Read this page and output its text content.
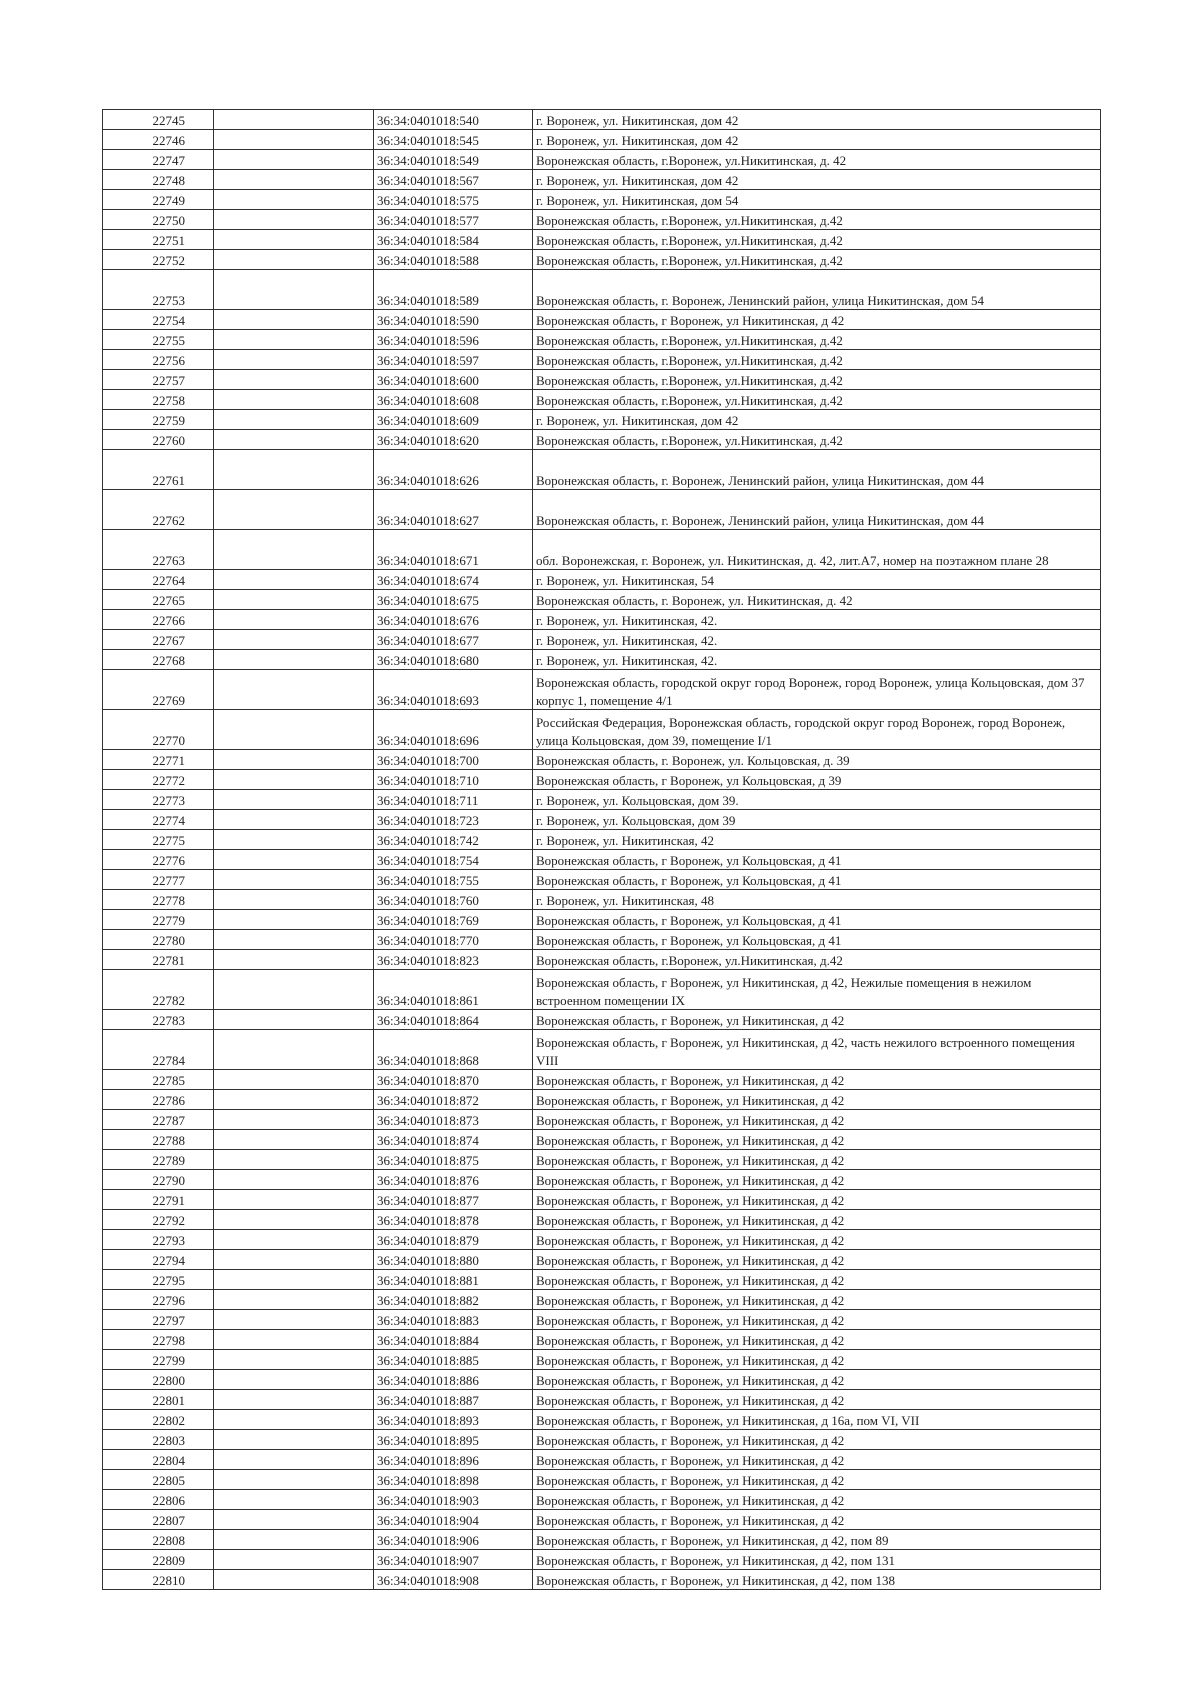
22745		36:34:0401018:540	г. Воронеж, ул. Никитинская, дом 42
22746		36:34:0401018:545	г. Воронеж, ул. Никитинская, дом 42
22747		36:34:0401018:549	Воронежская область, г.Воронеж, ул.Никитинская, д. 42
22748		36:34:0401018:567	г. Воронеж, ул. Никитинская, дом 42
22749		36:34:0401018:575	г. Воронеж, ул. Никитинская, дом 54
22750		36:34:0401018:577	Воронежская область, г.Воронеж, ул.Никитинская, д.42
22751		36:34:0401018:584	Воронежская область, г.Воронеж, ул.Никитинская, д.42
22752		36:34:0401018:588	Воронежская область, г.Воронеж, ул.Никитинская, д.42
22753		36:34:0401018:589	Воронежская область, г. Воронеж, Ленинский район, улица Никитинская, дом 54
22754		36:34:0401018:590	Воронежская область, г Воронеж, ул Никитинская, д 42
22755		36:34:0401018:596	Воронежская область, г.Воронеж, ул.Никитинская, д.42
22756		36:34:0401018:597	Воронежская область, г.Воронеж, ул.Никитинская, д.42
22757		36:34:0401018:600	Воронежская область, г.Воронеж, ул.Никитинская, д.42
22758		36:34:0401018:608	Воронежская область, г.Воронеж, ул.Никитинская, д.42
22759		36:34:0401018:609	г. Воронеж, ул. Никитинская, дом 42
22760		36:34:0401018:620	Воронежская область, г.Воронеж, ул.Никитинская, д.42
22761		36:34:0401018:626	Воронежская область, г. Воронеж, Ленинский район, улица Никитинская, дом 44
22762		36:34:0401018:627	Воронежская область, г. Воронеж, Ленинский район, улица Никитинская, дом 44
22763		36:34:0401018:671	обл. Воронежская, г. Воронеж, ул. Никитинская, д. 42, лит.А7, номер на поэтажном плане 28
22764		36:34:0401018:674	г. Воронеж, ул. Никитинская, 54
22765		36:34:0401018:675	Воронежская область, г. Воронеж, ул. Никитинская, д. 42
22766		36:34:0401018:676	г. Воронеж, ул. Никитинская, 42.
22767		36:34:0401018:677	г. Воронеж, ул. Никитинская, 42.
22768		36:34:0401018:680	г. Воронеж, ул. Никитинская, 42.
22769		36:34:0401018:693	Воронежская область, городской округ город Воронеж, город Воронеж, улица Кольцовская, дом 37 корпус 1, помещение 4/1
22770		36:34:0401018:696	Российская Федерация, Воронежская область, городской округ город Воронеж, город Воронеж, улица Кольцовская, дом 39, помещение I/1
22771		36:34:0401018:700	Воронежская область, г. Воронеж, ул. Кольцовская, д. 39
22772		36:34:0401018:710	Воронежская область, г Воронеж, ул Кольцовская, д 39
22773		36:34:0401018:711	г. Воронеж, ул. Кольцовская, дом 39.
22774		36:34:0401018:723	г. Воронеж, ул. Кольцовская, дом 39
22775		36:34:0401018:742	г. Воронеж, ул. Никитинская, 42
22776		36:34:0401018:754	Воронежская область, г Воронеж, ул Кольцовская, д 41
22777		36:34:0401018:755	Воронежская область, г Воронеж, ул Кольцовская, д 41
22778		36:34:0401018:760	г. Воронеж, ул. Никитинская, 48
22779		36:34:0401018:769	Воронежская область, г Воронеж, ул Кольцовская, д 41
22780		36:34:0401018:770	Воронежская область, г Воронеж, ул Кольцовская, д 41
22781		36:34:0401018:823	Воронежская область, г.Воронеж, ул.Никитинская, д.42
22782		36:34:0401018:861	Воронежская область, г Воронеж, ул Никитинская, д 42, Нежилые помещения в нежилом встроенном помещении IX
22783		36:34:0401018:864	Воронежская область, г Воронеж, ул Никитинская, д 42
22784		36:34:0401018:868	Воронежская область, г Воронеж, ул Никитинская, д 42, часть нежилого встроенного помещения VIII
22785		36:34:0401018:870	Воронежская область, г Воронеж, ул Никитинская, д 42
22786		36:34:0401018:872	Воронежская область, г Воронеж, ул Никитинская, д 42
22787		36:34:0401018:873	Воронежская область, г Воронеж, ул Никитинская, д 42
22788		36:34:0401018:874	Воронежская область, г Воронеж, ул Никитинская, д 42
22789		36:34:0401018:875	Воронежская область, г Воронеж, ул Никитинская, д 42
22790		36:34:0401018:876	Воронежская область, г Воронеж, ул Никитинская, д 42
22791		36:34:0401018:877	Воронежская область, г Воронеж, ул Никитинская, д 42
22792		36:34:0401018:878	Воронежская область, г Воронеж, ул Никитинская, д 42
22793		36:34:0401018:879	Воронежская область, г Воронеж, ул Никитинская, д 42
22794		36:34:0401018:880	Воронежская область, г Воронеж, ул Никитинская, д 42
22795		36:34:0401018:881	Воронежская область, г Воронеж, ул Никитинская, д 42
22796		36:34:0401018:882	Воронежская область, г Воронеж, ул Никитинская, д 42
22797		36:34:0401018:883	Воронежская область, г Воронеж, ул Никитинская, д 42
22798		36:34:0401018:884	Воронежская область, г Воронеж, ул Никитинская, д 42
22799		36:34:0401018:885	Воронежская область, г Воронеж, ул Никитинская, д 42
22800		36:34:0401018:886	Воронежская область, г Воронеж, ул Никитинская, д 42
22801		36:34:0401018:887	Воронежская область, г Воронеж, ул Никитинская, д 42
22802		36:34:0401018:893	Воронежская область, г Воронеж, ул Никитинская, д 16а, пом VI, VII
22803		36:34:0401018:895	Воронежская область, г Воронеж, ул Никитинская, д 42
22804		36:34:0401018:896	Воронежская область, г Воронеж, ул Никитинская, д 42
22805		36:34:0401018:898	Воронежская область, г Воронеж, ул Никитинская, д 42
22806		36:34:0401018:903	Воронежская область, г Воронеж, ул Никитинская, д 42
22807		36:34:0401018:904	Воронежская область, г Воронеж, ул Никитинская, д 42
22808		36:34:0401018:906	Воронежская область, г Воронеж, ул Никитинская, д 42, пом 89
22809		36:34:0401018:907	Воронежская область, г Воронеж, ул Никитинская, д 42, пом 131
22810		36:34:0401018:908	Воронежская область, г Воронеж, ул Никитинская, д 42, пом 138
